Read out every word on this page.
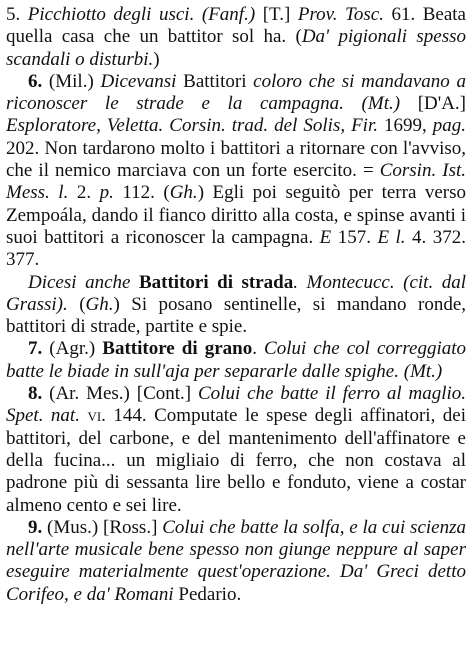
5. Picchiotto degli usci. (Fanf.) [T.] Prov. Tosc. 61. Beata quella casa che un battitor sol ha. (Da' pigionali spesso scandali o disturbi.)

6. (Mil.) Dicevansi Battitori coloro che si mandavano a riconoscer le strade e la campagna. (Mt.) [D'A.] Esploratore, Veletta. Corsin. trad. del Solis, Fir. 1699, pag. 202. Non tardarono molto i battitori a ritornare con l'avviso, che il nemico marciava con un forte esercito. = Corsin. Ist. Mess. l. 2. p. 112. (Gh.) Egli poi seguitò per terra verso Zempoála, dando il fianco diritto alla costa, e spinse avanti i suoi battitori a riconoscer la campagna. E 157. E l. 4. 372. 377.

Dicesi anche Battitori di strada. Montecucc. (cit. dal Grassi). (Gh.) Si posano sentinelle, si mandano ronde, battitori di strade, partite e spie.

7. (Agr.) Battitore di grano. Colui che col correggiato batte le biade in sull'aja per separarle dalle spighe. (Mt.)

8. (Ar. Mes.) [Cont.] Colui che batte il ferro al maglio. Spet. nat. vi. 144. Computate le spese degli affinatori, dei battitori, del carbone, e del mantenimento dell'affinatore e della fucina... un migliaio di ferro, che non costava al padrone più di sessanta lire bello e fonduto, viene a costar almeno cento e sei lire.

9. (Mus.) [Ross.] Colui che batte la solfa, e la cui scienza nell'arte musicale bene spesso non giunge neppure al saper eseguire materialmente quest'operazione. Da' Greci detto Corifeo, e da' Romani Pedario.
